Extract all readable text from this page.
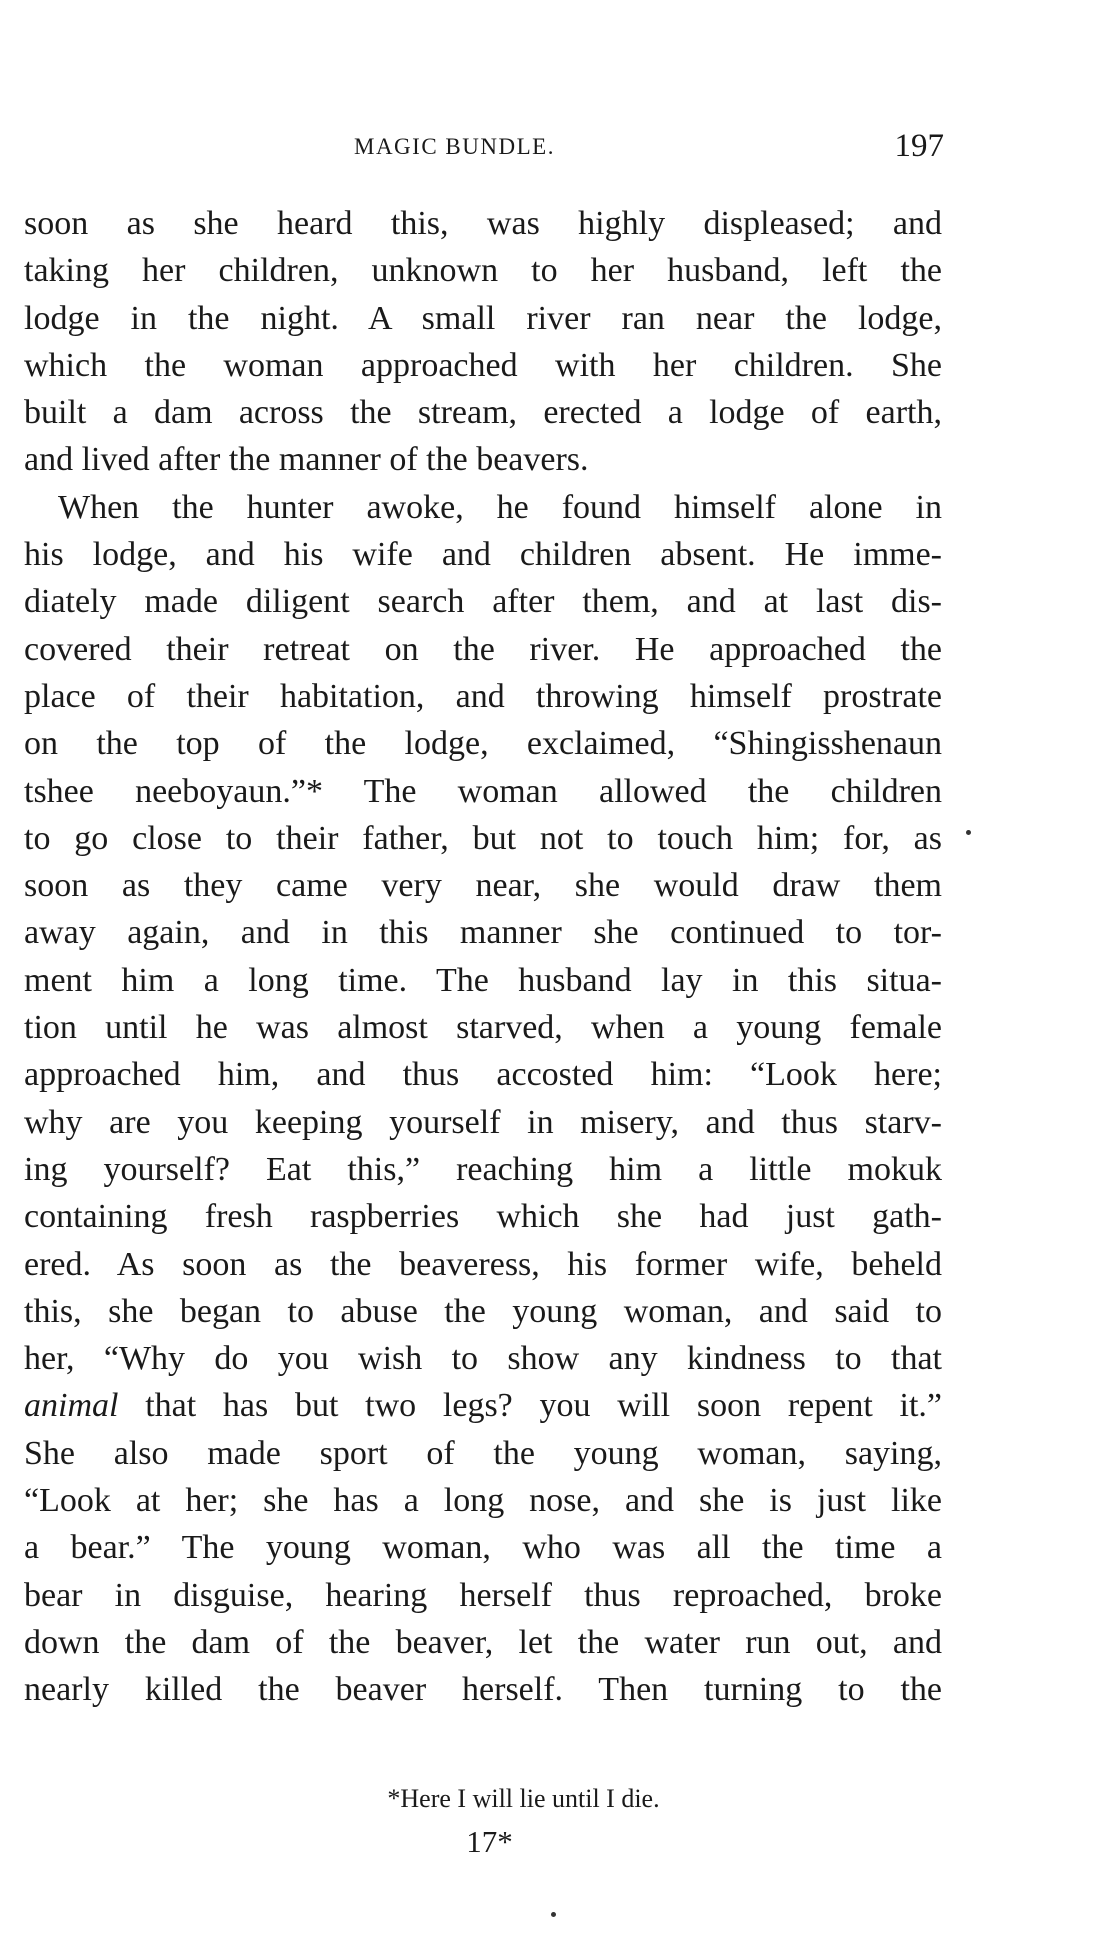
MAGIC BUNDLE.	197
soon as she heard this, was highly displeased; and
taking her children, unknown to her husband, left the
lodge in the night. A small river ran near the lodge,
which the woman approached with her children. She
built a dam across the stream, erected a lodge of earth,
and lived after the manner of the beavers.
When the hunter awoke, he found himself alone in
his lodge, and his wife and children absent. He imme-
diately made diligent search after them, and at last dis-
covered their retreat on the river. He approached the
place of their habitation, and throwing himself prostrate
on the top of the lodge, exclaimed, “Shingisshenaun
tshee neeboyaun.”* The woman allowed the children
to go close to their father, but not to touch him; for, as
soon as they came very near, she would draw them
away again, and in this manner she continued to tor-
ment him a long time. The husband lay in this situa-
tion until he was almost starved, when a young female
approached him, and thus accosted him: “Look here;
why are you keeping yourself in misery, and thus starv-
ing yourself? Eat this,” reaching him a little mokuk
containing fresh raspberries which she had just gath-
ered. As soon as the beaveress, his former wife, beheld
this, she began to abuse the young woman, and said to
her, “Why do you wish to show any kindness to that
animal that has but two legs? you will soon repent it.”
She also made sport of the young woman, saying,
“Look at her; she has a long nose, and she is just like
a bear.” The young woman, who was all the time a
bear in disguise, hearing herself thus reproached, broke
down the dam of the beaver, let the water run out, and
nearly killed the beaver herself. Then turning to the
*Here I will lie until I die.
17*
